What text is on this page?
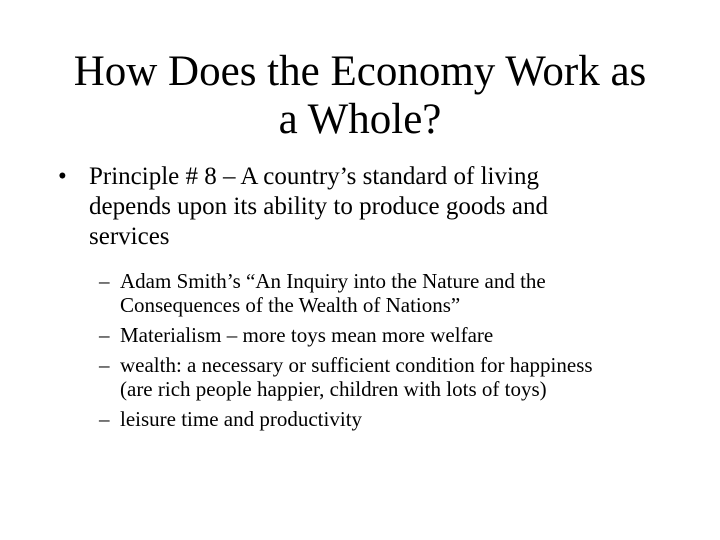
How Does the Economy Work as
a Whole?
• Principle # 8 – A country’s standard of living
depends upon its ability to produce goods and
services
– Adam Smith’s “An Inquiry into the Nature and the
Consequences of the Wealth of Nations”
– Materialism – more toys mean more welfare
– wealth: a necessary or sufficient condition for happiness
(are rich people happier, children with lots of toys)
– leisure time and productivity
